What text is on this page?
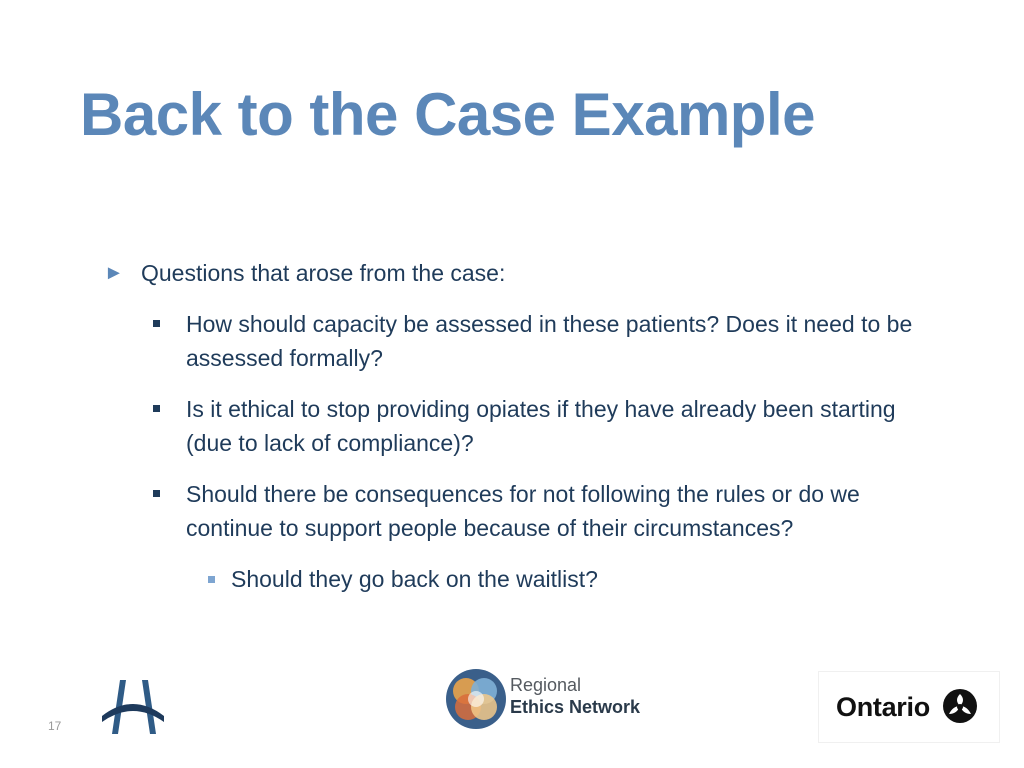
Back to the Case Example
► Questions that arose from the case:
How should capacity be assessed in these patients? Does it need to be assessed formally?
Is it ethical to stop providing opiates if they have already been starting (due to lack of compliance)?
Should there be consequences for not following the rules or do we continue to support people because of their circumstances?
Should they go back on the waitlist?
17
Regional
Ethics Network	Ontario
